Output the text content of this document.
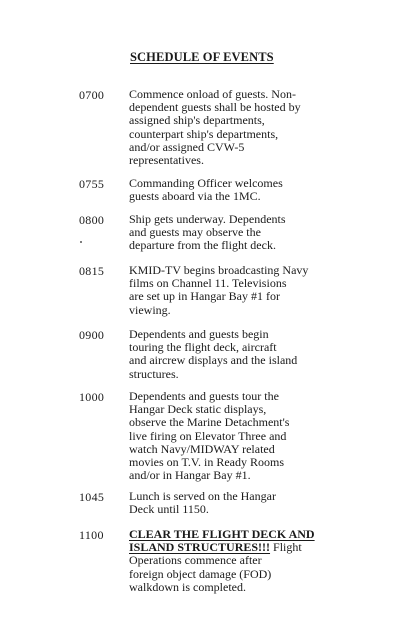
SCHEDULE OF EVENTS
0700 Commence onload of guests. Non-
dependent guests shall be hosted by
assigned ship's departments,
counterpart ship's departments,
and/or assigned CVW-5
representatives.
0755 Commanding Officer welcomes
guests aboard via the 1MC.
0800 Ship gets underway. Dependents
and guests may observe the
departure from the flight deck.
0815 KMID-TV begins broadcasting Navy
films on Channel 11. Televisions
are set up in Hangar Bay #1 for
viewing.
0900 Dependents and guests begin
touring the flight deck, aircraft
and aircrew displays and the island
structures.
1000 Dependents and guests tour the
Hangar Deck static displays,
observe the Marine Detachment's
live firing on Elevator Three and
watch Navy/MIDWAY related
movies on T.V. in Ready Rooms
and/or in Hangar Bay #1.
1045 Lunch is served on the Hangar
Deck until 1150.
1100 CLEAR THE FLIGHT DECK AND
ISLAND STRUCTURES!!! Flight
Operations commence after
foreign object damage (FOD)
walkdown is completed.
